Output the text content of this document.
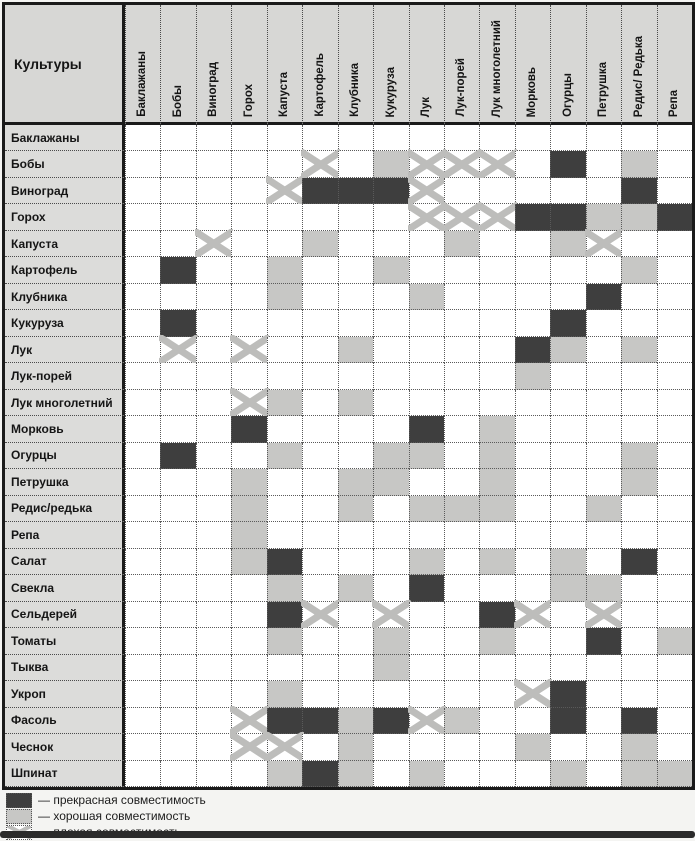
Культуры	Баклажаны Бобы Виноград Горох Капуста Картофель Клубника Кукуруза Лук Лук-порей Лук многолетний Морковь Огурцы Петрушка Редис/ Редька Репа
Баклажаны
Бобы
Виноград
Горох
Капуста
Картофель
Клубника
Кукуруза
Лук
Лук-порей
Лук многолетний
Морковь
Огурцы
Петрушка
Редис/редька
Репа
Салат
Свекла
Сельдерей
Томаты
Тыква
Укроп
Фасоль
Чеснок
Шпинат
— прекрасная совместимость
— хорошая совместимость
